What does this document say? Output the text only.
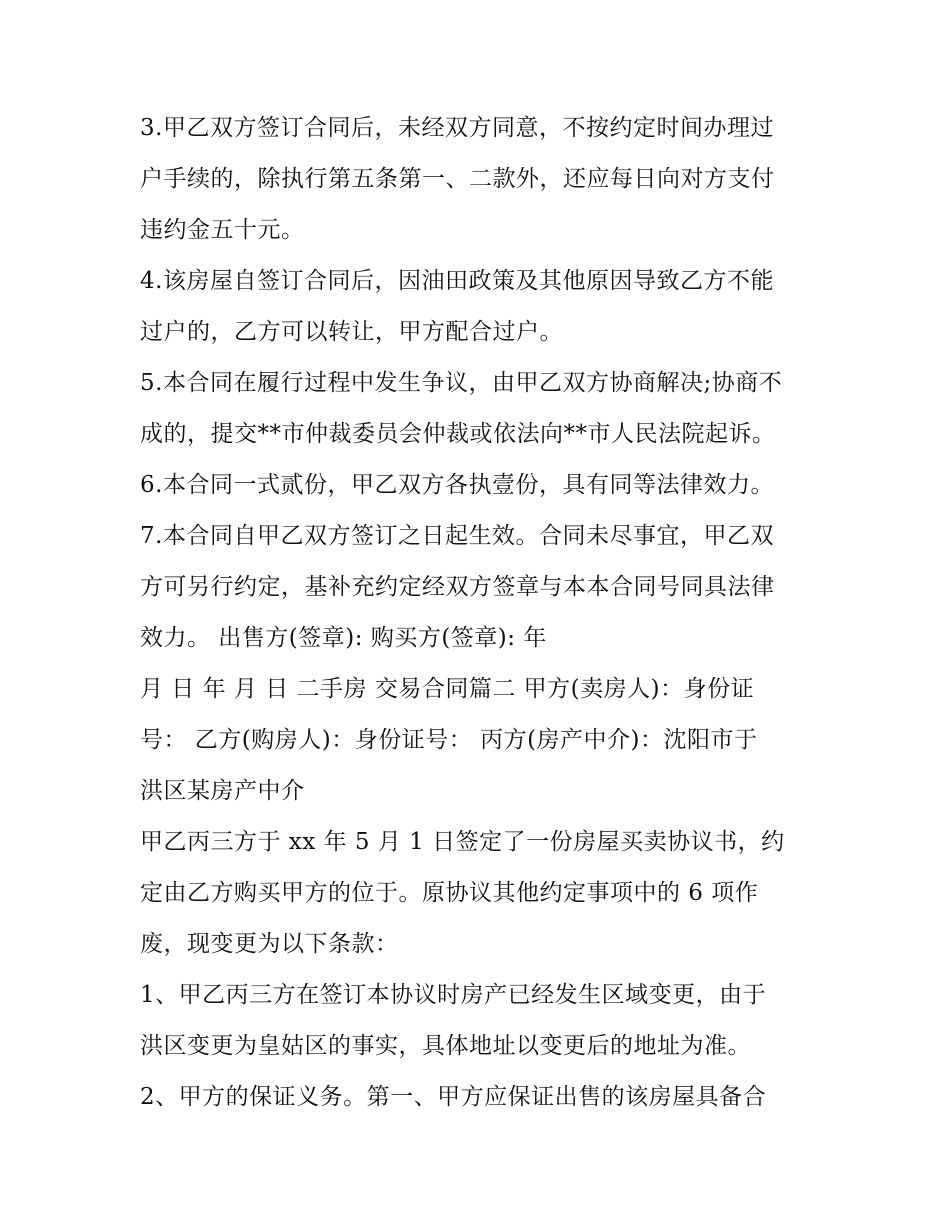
3.甲乙双方签订合同后，未经双方同意，不按约定时间办理过
户手续的，除执行第五条第一、二款外，还应每日向对方支付
违约金五十元。
4.该房屋自签订合同后，因油田政策及其他原因导致乙方不能
过户的，乙方可以转让，甲方配合过户。
5.本合同在履行过程中发生争议，由甲乙双方协商解决;协商不
成的，提交**市仲裁委员会仲裁或依法向**市人民法院起诉。
6.本合同一式贰份，甲乙双方各执壹份，具有同等法律效力。
7.本合同自甲乙双方签订之日起生效。合同未尽事宜，甲乙双
方可另行约定，基补充约定经双方签章与本本合同号同具法律
效力。 出售方(签章): 购买方(签章): 年
月 日 年 月 日 二手房 交易合同篇二 甲方(卖房人)：身份证
号： 乙方(购房人)：身份证号： 丙方(房产中介)：沈阳市于
洪区某房产中介
甲乙丙三方于 xx 年 5 月 1 日签定了一份房屋买卖协议书，约
定由乙方购买甲方的位于。原协议其他约定事项中的 6 项作
废，现变更为以下条款：
1、甲乙丙三方在签订本协议时房产已经发生区域变更，由于
洪区变更为皇姑区的事实，具体地址以变更后的地址为准。
2、甲方的保证义务。第一、甲方应保证出售的该房屋具备合
